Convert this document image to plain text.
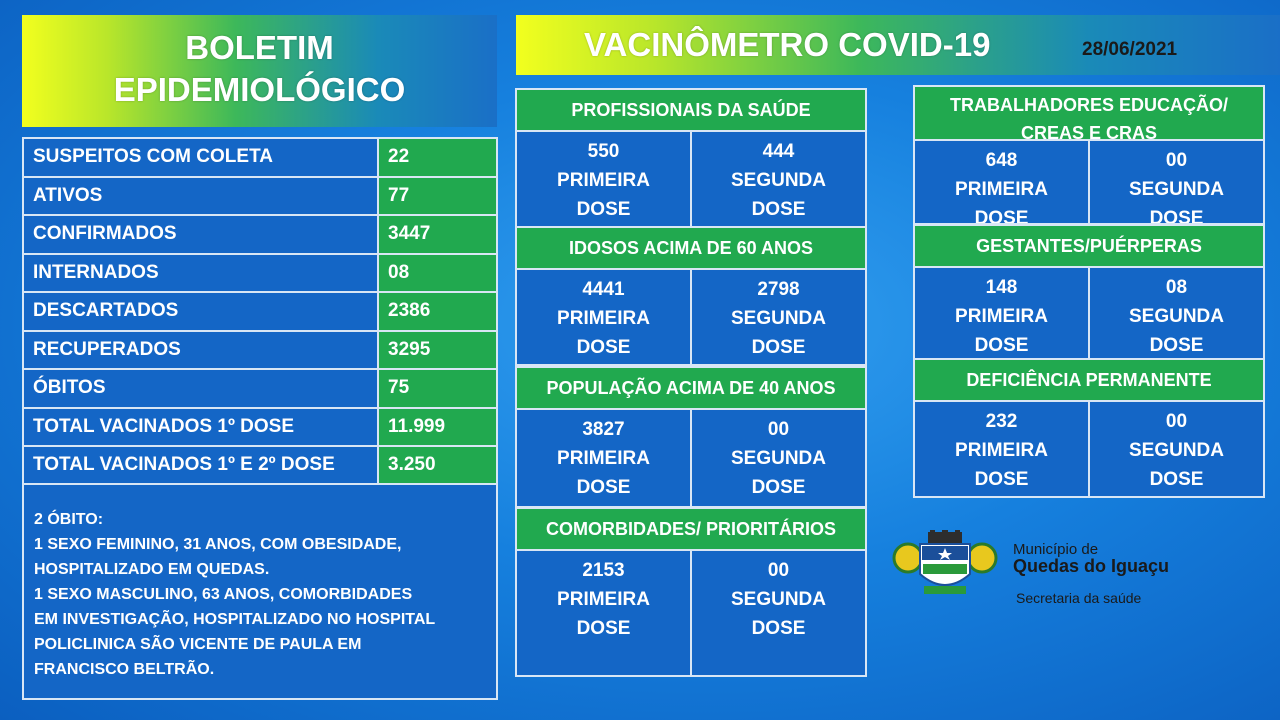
BOLETIM
EPIDEMIOLÓGICO
VACINÔMETRO COVID-19	28/06/2021
SUSPEITOS COM COLETA	22
ATIVOS	77
CONFIRMADOS	3447
INTERNADOS	08
DESCARTADOS	2386
RECUPERADOS	3295
ÓBITOS	75
TOTAL VACINADOS 1º DOSE	11.999
TOTAL VACINADOS 1º E 2º DOSE	3.250
2 ÓBITO:
1 SEXO FEMININO, 31 ANOS, COM OBESIDADE,
HOSPITALIZADO EM QUEDAS.
1 SEXO MASCULINO, 63 ANOS, COMORBIDADES
EM INVESTIGAÇÃO, HOSPITALIZADO NO HOSPITAL
POLICLINICA SÃO VICENTE DE PAULA EM
FRANCISCO BELTRÃO.
PROFISSIONAIS DA SAÚDE
550
PRIMEIRA
DOSE
444
SEGUNDA
DOSE
IDOSOS ACIMA DE 60 ANOS
4441
PRIMEIRA
DOSE
2798
SEGUNDA
DOSE
POPULAÇÃO ACIMA DE 40 ANOS
3827
PRIMEIRA
DOSE
00
SEGUNDA
DOSE
COMORBIDADES/ PRIORITÁRIOS
2153
PRIMEIRA
DOSE
00
SEGUNDA
DOSE
TRABALHADORES EDUCAÇÃO/
CREAS E CRAS
648
PRIMEIRA
DOSE
00
SEGUNDA
DOSE
GESTANTES/PUÉRPERAS
148
PRIMEIRA
DOSE
08
SEGUNDA
DOSE
DEFICIÊNCIA PERMANENTE
232
PRIMEIRA
DOSE
00
SEGUNDA
DOSE
Município de
Quedas do Iguaçu
Secretaria da saúde
